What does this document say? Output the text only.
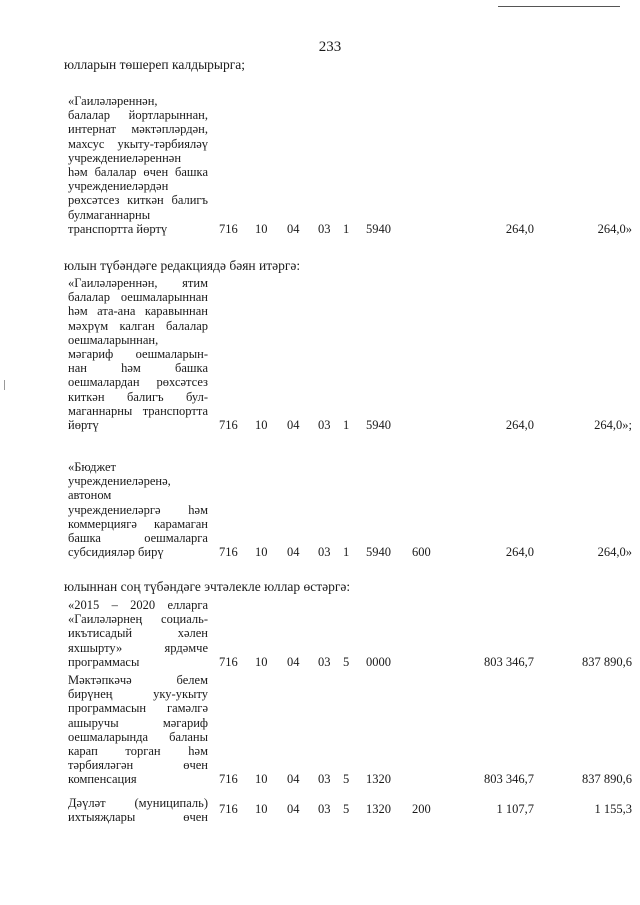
233
юлларын төшереп калдырырга;
«Гаиләләреннән,
балалар йортларыннан,
интернат мәктәпләрдән,
махсус укыту-тәрбияләү
учреждениеләреннән
һәм балалар өчен башка
учреждениеләрдән
рөхсәтсез киткән балигъ
булмаганнарны
транспортта йөртү	716 10 04 03 1 5940	264,0	264,0»
юлын түбәндәге редакциядә бәян итәргә:
«Гаиләләреннән, ятим
балалар оешмаларыннан
һәм ата-ана каравыннан
мәхрүм калган балалар
оешмаларыннан,
мәгариф оешмаларын-
нан һәм башка
оешмалардан рөхсәтсез
киткән балигъ бул-
маганнарны транспортта
йөртү	716 10 04 03 1 5940	264,0	264,0»;
«Бюджет
учреждениеләренә,
автоном
учреждениеләргә һәм
коммерциягә карамаган
башка оешмаларга
субсидияләр бирү	716 10 04 03 1 5940 600	264,0	264,0»
юлыннан соң түбәндәге эчтәлекле юллар өстәргә:
«2015 – 2020 елларга
«Гаиләләрнең социаль-
икътисадый хәлен
яхшырту» ярдәмче
программасы	716 10 04 03 5 0000	803 346,7	837 890,6
Мәктәпкәчә белем
бирүнең уку-укыту
программасын гамәлгә
ашыручы мәгариф
оешмаларында баланы
карап торган һәм
тәрбияләгән өчен
компенсация	716 10 04 03 5 1320	803 346,7	837 890,6
Дәүләт (муниципаль)
ихтыяҗлары өчен
716 10 04 03 5 1320 200	1 107,7	1 155,3
